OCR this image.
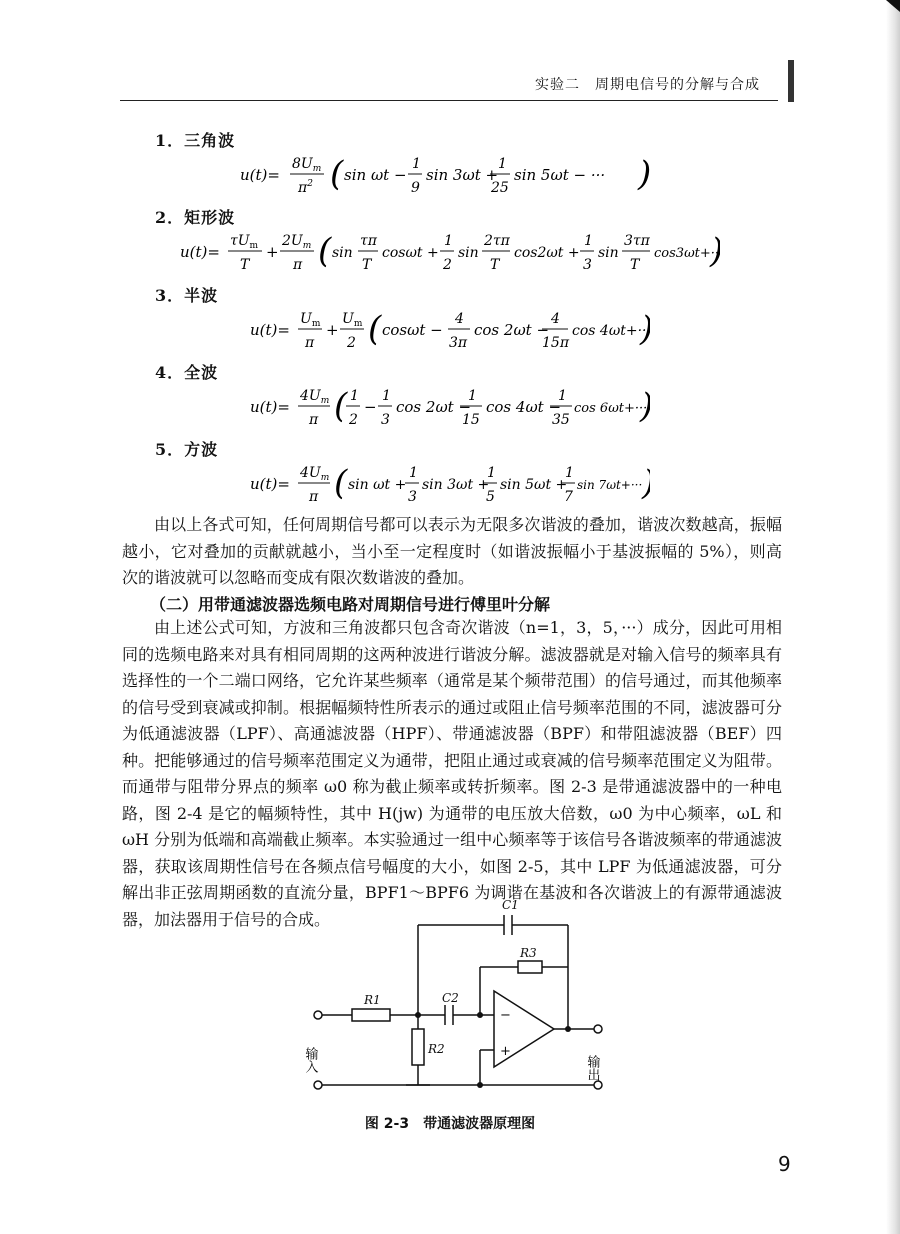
实验二　周期电信号的分解与合成
1．三角波
u(t)=
$8U_m$
$\pi^2$ ( sin ωt −
1
9
sin 3ωt +
1
25
sin 5ωt − ··· )
2．矩形波
u(t)=
$\tau U_m$
T
+
$2U_m$
π ( sin
τπ
T
cosωt +
1
2
sin
2τπ
T
cos2ωt +
1
3
sin
3τπ
T
cos3ωt+··
3．半波
u(t)=
$U_m$
π
+
$U_m$
2 ( cosωt −
4
3π
cos 2ωt −
4
15π
cos 4ωt+···
4．全波
u(t)=
$4U_m$
π ( 1
2
−
1
3
cos 2ωt −
1
15
cos 4ωt −
1
35
cos 6ωt+···
5．方波
u(t)=
$4U_m$
π ( sin ωt +
1
3
sin 3ωt +
1
5
sin 5ωt +
1
7
sin 7ωt+···

由以上各式可知，任何周期信号都可以表示为无限多次谐波的叠加，谐波次数越高，振幅越小，它对叠加的贡献就越小，当小至一定程度时（如谐波振幅小于基波振幅的 5%），则高次的谐波就可以忽略而变成有限次数谐波的叠加。

（二）用带通滤波器选频电路对周期信号进行傅里叶分解

由上述公式可知，方波和三角波都只包含奇次谐波（n=1，3，5，···）成分，因此可用相同的选频电路来对具有相同周期的这两种波进行谐波分解。滤波器就是对输入信号的频率具有选择性的一个二端口网络，它允许某些频率（通常是某个频带范围）的信号通过，而其他频率的信号受到衰减或抑制。根据幅频特性所表示的通过或阻止信号频率范围的不同，滤波器可分为低通滤波器（LPF）、高通滤波器（HPF）、带通滤波器（BPF）和带阻滤波器（BEF）四种。把能够通过的信号频率范围定义为通带，把阻止通过或衰减的信号频率范围定义为阻带。而通带与阻带分界点的频率 ω0 称为截止频率或转折频率。图 2-3 是带通滤波器中的一种电路，图 2-4 是它的幅频特性，其中 H(jw) 为通带的电压放大倍数，ω0 为中心频率，ωL 和 ωH 分别为低端和高端截止频率。本实验通过一组中心频率等于该信号各谐波频率的带通滤波器，获取该周期性信号在各频点信号幅度的大小，如图 2-5，其中 LPF 为低通滤波器，可分解出非正弦周期函数的直流分量，BPF1～BPF6 为调谐在基波和各次谐波上的有源带通滤波器，加法器用于信号的合成。

C1
R3
R1	C2
R2
−
+
输入	输出
图 2-3　带通滤波器原理图
9
